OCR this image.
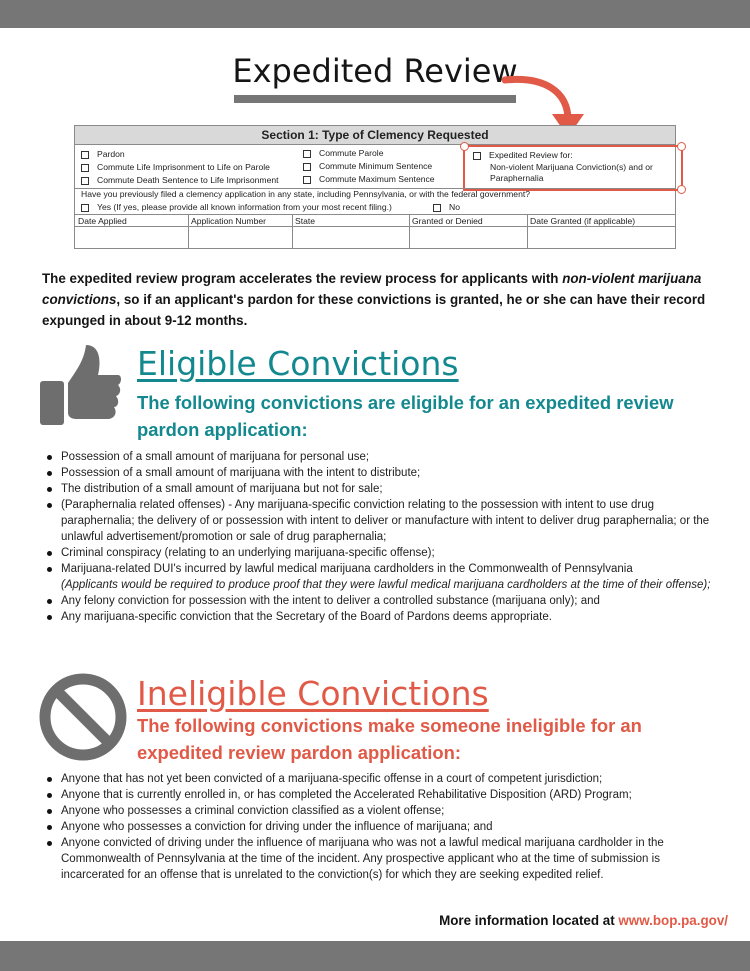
Expedited Review
Section 1: Type of Clemency Requested
Pardon
Commute Life Imprisonment to Life on Parole
Commute Death Sentence to Life Imprisonment
Commute Parole
Commute Minimum Sentence
Commute Maximum Sentence
Expedited Review for:
Non-violent Marijuana Conviction(s) and or
Paraphernalia
Have you previously filed a clemency application in any state, including Pennsylvania, or with the federal government?
Yes (If yes, please provide all known information from your most recent filing.)	No
Date Applied	Application Number	State	Granted or Denied	Date Granted (if applicable)
The expedited review program accelerates the review process for applicants with non-violent marijuana convictions, so if an applicant's pardon for these convictions is granted, he or she can have their record expunged in about 9-12 months.
Eligible Convictions
The following convictions are eligible for an expedited review pardon application:
Possession of a small amount of marijuana for personal use;
Possession of a small amount of marijuana with the intent to distribute;
The distribution of a small amount of marijuana but not for sale;
(Paraphernalia related offenses) - Any marijuana-specific conviction relating to the possession with intent to use drug paraphernalia; the delivery of or possession with intent to deliver or manufacture with intent to deliver drug paraphernalia; or the unlawful advertisement/promotion or sale of drug paraphernalia;
Criminal conspiracy (relating to an underlying marijuana-specific offense);
Marijuana-related DUI's incurred by lawful medical marijuana cardholders in the Commonwealth of Pennsylvania
(Applicants would be required to produce proof that they were lawful medical marijuana cardholders at the time of their offense);
Any felony conviction for possession with the intent to deliver a controlled substance (marijuana only); and
Any marijuana-specific conviction that the Secretary of the Board of Pardons deems appropriate.
Ineligible Convictions
The following convictions make someone ineligible for an expedited review pardon application:
Anyone that has not yet been convicted of a marijuana-specific offense in a court of competent jurisdiction;
Anyone that is currently enrolled in, or has completed the Accelerated Rehabilitative Disposition (ARD) Program;
Anyone who possesses a criminal conviction classified as a violent offense;
Anyone who possesses a conviction for driving under the influence of marijuana; and
Anyone convicted of driving under the influence of marijuana who was not a lawful medical marijuana cardholder in the Commonwealth of Pennsylvania at the time of the incident. Any prospective applicant who at the time of submission is incarcerated for an offense that is unrelated to the conviction(s) for which they are seeking expedited relief.
More information located at www.bop.pa.gov/
